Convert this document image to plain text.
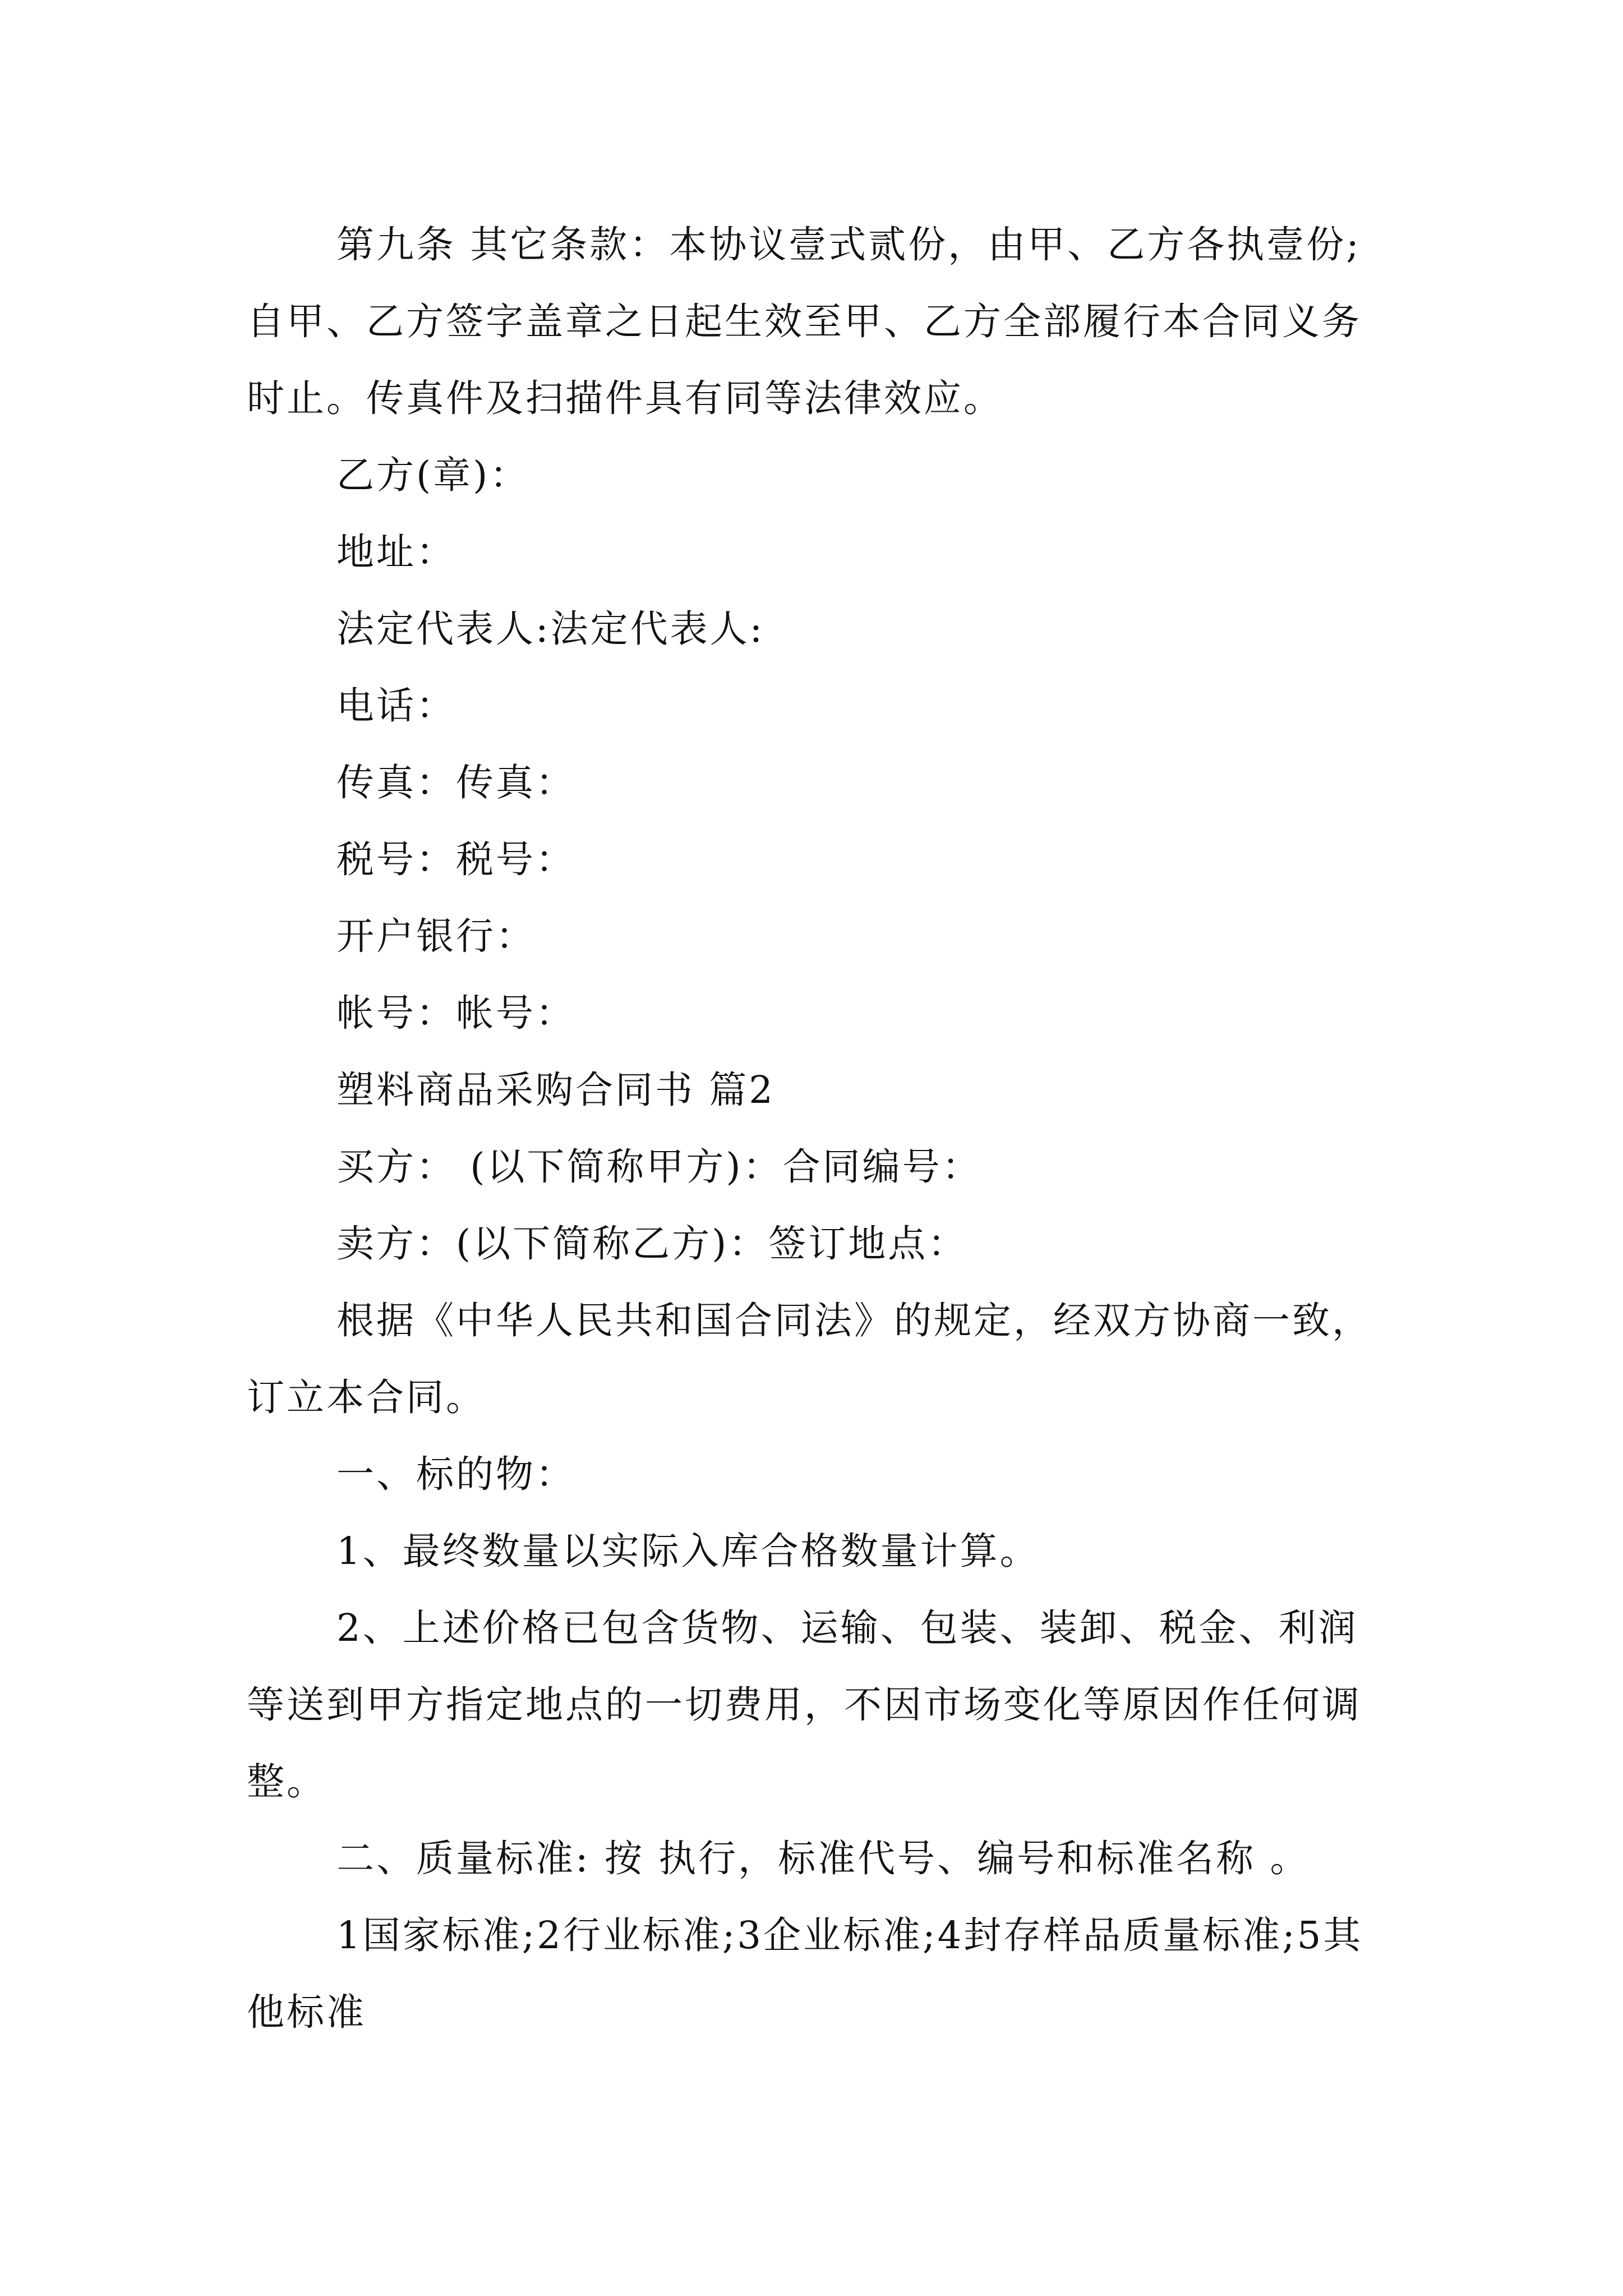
第九条 其它条款：本协议壹式贰份，由甲、乙方各执壹份;自甲、乙方签字盖章之日起生效至甲、乙方全部履行本合同义务时止。传真件及扫描件具有同等法律效应。

乙方(章)：

地址：

法定代表人:法定代表人:

电话：

传真：传真：

税号：税号：

开户银行：

帐号：帐号：

塑料商品采购合同书 篇2

买方： (以下简称甲方)：合同编号：

卖方：(以下简称乙方)：签订地点：

根据《中华人民共和国合同法》的规定，经双方协商一致，订立本合同。

一、标的物：

1、最终数量以实际入库合格数量计算。

2、上述价格已包含货物、运输、包装、装卸、税金、利润等送到甲方指定地点的一切费用，不因市场变化等原因作任何调整。

二、质量标准: 按 执行，标准代号、编号和标准名称 。

1国家标准;2行业标准;3企业标准;4封存样品质量标准;5其他标准
